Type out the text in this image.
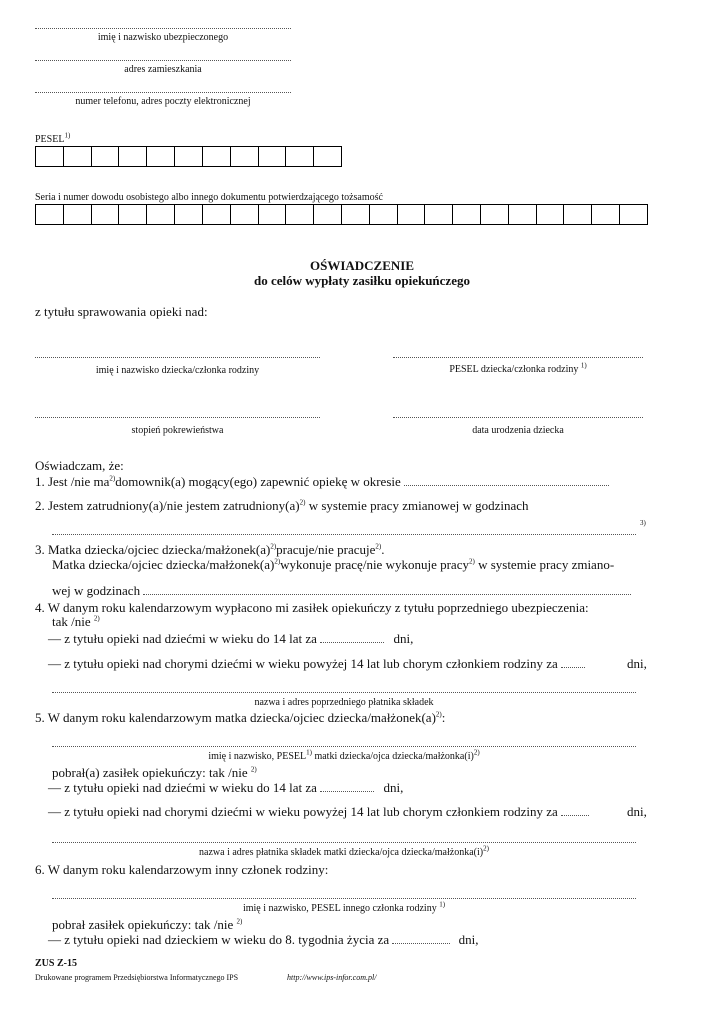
imię i nazwisko ubezpieczonego
adres zamieszkania
numer telefonu, adres poczty elektronicznej
PESEL$^{1)}$
Seria i numer dowodu osobistego albo innego dokumentu potwierdzającego tożsamość
OŚWIADCZENIE
do celów wypłaty zasiłku opiekuńczego
z tytułu sprawowania opieki nad:
imię i nazwisko dziecka/członka rodziny	PESEL dziecka/członka rodziny $^{1)}$
stopień pokrewieństwa	data urodzenia dziecka
Oświadczam, że:
1. Jest /nie $ma^{2)}domownik(a)$ mogący(ego) zapewnić opiekę w okresie
2. Jestem zatrudniony(a)/nie jestem $zatrudniony(a)^{2)}$ w systemie pracy zmianowej w godzinach
3)
3. Matka dziecka/ojciec dziecka/$małżonek(a)^{2)}pracuje$/nie pracuje$^{2)}$.
Matka dziecka/ojciec dziecka/$małżonek(a)^{2)}wykonuje$ pracę/nie wykonuje pracy$^{2)}$ w systemie pracy zmiano-
wej w godzinach
4. W danym roku kalendarzowym wypłacono mi zasiłek opiekuńczy z tytułu poprzedniego ubezpieczenia:
tak /nie $^{2)}$
— z tytułu opieki nad dziećmi w wieku do 14 lat za	dni,
— z tytułu opieki nad chorymi dziećmi w wieku powyżej 14 lat lub chorym członkiem rodziny za	dni,
nazwa i adres poprzedniego płatnika składek
5. W danym roku kalendarzowym matka dziecka/ojciec dziecka/$małżonek(a)^{2)}$:
imię i nazwisko, PESEL$^{1)}$ matki dziecka/ojca dziecka/$małżonka(i)^{2)}$
pobrał(a) zasiłek opiekuńczy: tak /nie $^{2)}$
— z tytułu opieki nad dziećmi w wieku do 14 lat za	dni,
— z tytułu opieki nad chorymi dziećmi w wieku powyżej 14 lat lub chorym członkiem rodziny za	dni,
nazwa i adres płatnika składek matki dziecka/ojca dziecka/$małżonka(i)^{2)}$
6. W danym roku kalendarzowym inny członek rodziny:
imię i nazwisko, PESEL innego członka rodziny $^{1)}$
pobrał zasiłek opiekuńczy: tak /nie $^{2)}$
— z tytułu opieki nad dzieckiem w wieku do 8. tygodnia życia za	dni,
ZUS Z-15
Drukowane programem Przedsiębiorstwa Informatycznego IPS	http://www.ips-infor.com.pl/
